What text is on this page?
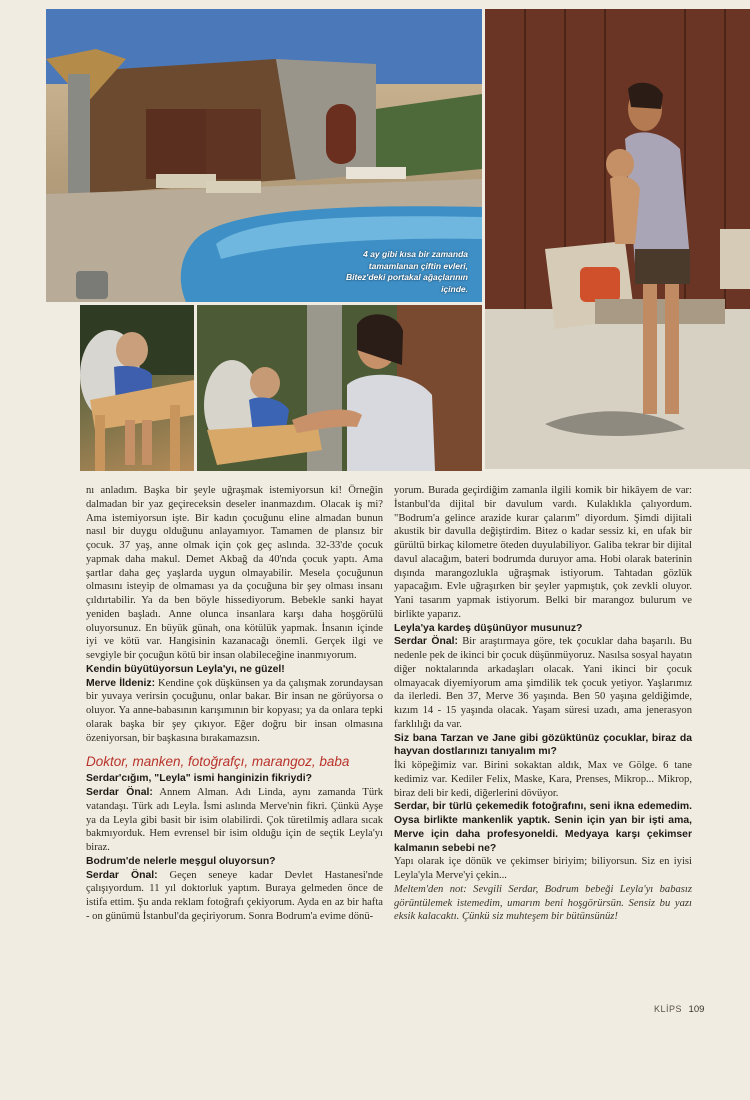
4 ay gibi kısa bir zamanda tamamlanan çiftin evleri, Bitez'deki portakal ağaçlarının içinde.

nı anladım. Başka bir şeyle uğraşmak istemiyorsun ki! Örneğin dalmadan bir yaz geçireceksin deseler inanmazdım. Olacak iş mi? Ama istemiyorsun işte. Bir kadın çocuğunu eline almadan bunun nasıl bir duygu olduğunu anlayamıyor. Tamamen de plansız bir çocuk. 37 yaş, anne olmak için çok geç aslında. 32-33'de çocuk yapmak daha makul. Demet Akbağ da 40'nda çocuk yaptı. Ama şartlar daha geç yaşlarda uygun olmayabilir. Mesela çocuğunun olmasını isteyip de olmaması ya da çocuğuna bir şey olması insanı çıldırtabilir. Ya da ben böyle hissediyorum. Bebekle sanki hayat yeniden başladı. Anne olunca insanlara karşı daha hoşgörülü oluyorsunuz. En büyük günah, ona kötülük yapmak. İnsanın içinde iyi ve kötü var. Hangisinin kazanacağı önemli. Gerçek ilgi ve sevgiyle bir çocuğun kötü bir insan olabileceğine inanmıyorum.

Kendin büyütüyorsun Leyla'yı, ne güzel!

Merve İldeniz: Kendine çok düşkünsen ya da çalışmak zorundaysan bir yuvaya verirsin çocuğunu, onlar bakar. Bir insan ne görüyorsa o oluyor. Ya anne-babasının karışımının bir kopyası; ya da onlara tepki olarak başka bir şey çıkıyor. Eğer doğru bir insan olmasına özeniyorsan, bir başkasına bırakamazsın.

Doktor, manken, fotoğrafçı, marangoz, baba

Serdar'cığım, "Leyla" ismi hanginizin fikriydi?

Serdar Önal: Annem Alman. Adı Linda, aynı zamanda Türk vatandaşı. Türk adı Leyla. İsmi aslında Merve'nin fikri. Çünkü Ayşe ya da Leyla gibi basit bir isim olabilirdi. Çok türetilmiş adlara sıcak bakmıyorduk. Hem evrensel bir isim olduğu için de seçtik Leyla'yı biraz.

Bodrum'de nelerle meşgul oluyorsun?

Serdar Önal: Geçen seneye kadar Devlet Hastanesi'nde çalışıyordum. 11 yıl doktorluk yaptım. Buraya gelmeden önce de istifa ettim. Şu anda reklam fotoğrafı çekiyorum. Ayda en az bir hafta - on günümü İstanbul'da geçiriyorum. Sonra Bodrum'a evime dönü-

yorum. Burada geçirdiğim zamanla ilgili komik bir hikâyem de var: İstanbul'da dijital bir davulum vardı. Kulaklıkla çalıyordum. "Bodrum'a gelince arazide kurar çalarım" diyordum. Şimdi dijitali akustik bir davulla değiştirdim. Bitez o kadar sessiz ki, en ufak bir gürültü birkaç kilometre öteden duyulabiliyor. Galiba tekrar bir dijital davul alacağım, bateri bodrumda duruyor ama. Hobi olarak baterinin dışında marangozlukla uğraşmak istiyorum. Tahtadan gözlük yapacağım. Evle uğraşırken bir şeyler yapmıştık, çok zevkli oluyor. Yani tasarım yapmak istiyorum. Belki bir marangoz bulurum ve birlikte yaparız.

Leyla'ya kardeş düşünüyor musunuz?

Serdar Önal: Bir araştırmaya göre, tek çocuklar daha başarılı. Bu nedenle pek de ikinci bir çocuk düşünmüyoruz. Nasılsa sosyal hayatın diğer noktalarında arkadaşları olacak. Yani ikinci bir çocuk olmayacak diyemiyorum ama şimdilik tek çocuk yetiyor. Yaşlarımız da ilerledi. Ben 37, Merve 36 yaşında. Ben 50 yaşına geldiğimde, kızım 14 - 15 yaşında olacak. Yaşam süresi uzadı, ama jenerasyon farklılığı da var.

Siz bana Tarzan ve Jane gibi gözüktünüz çocuklar, biraz da hayvan dostlarınızı tanıyalım mı?

İki köpeğimiz var. Birini sokaktan aldık, Max ve Gölge. 6 tane kedimiz var. Kediler Felix, Maske, Kara, Prenses, Mikrop... Mikrop, biraz deli bir kedi, diğerlerini dövüyor.

Serdar, bir türlü çekemedik fotoğrafını, seni ikna edemedim. Oysa birlikte mankenlik yaptık. Senin için yan bir işti ama, Merve için daha profesyoneldi. Medyaya karşı çekimser kalmanın sebebi ne?

Yapı olarak içe dönük ve çekimser biriyim; biliyorsun. Siz en iyisi Leyla'yla Merve'yi çekin...

Meltem'den not: Sevgili Serdar, Bodrum bebeği Leyla'yı babasız görüntülemek istemedim, umarım beni hoşgörürsün. Sensiz bu yazı eksik kalacaktı. Çünkü siz muhteşem bir bütünsünüz!

KLİPS 109
